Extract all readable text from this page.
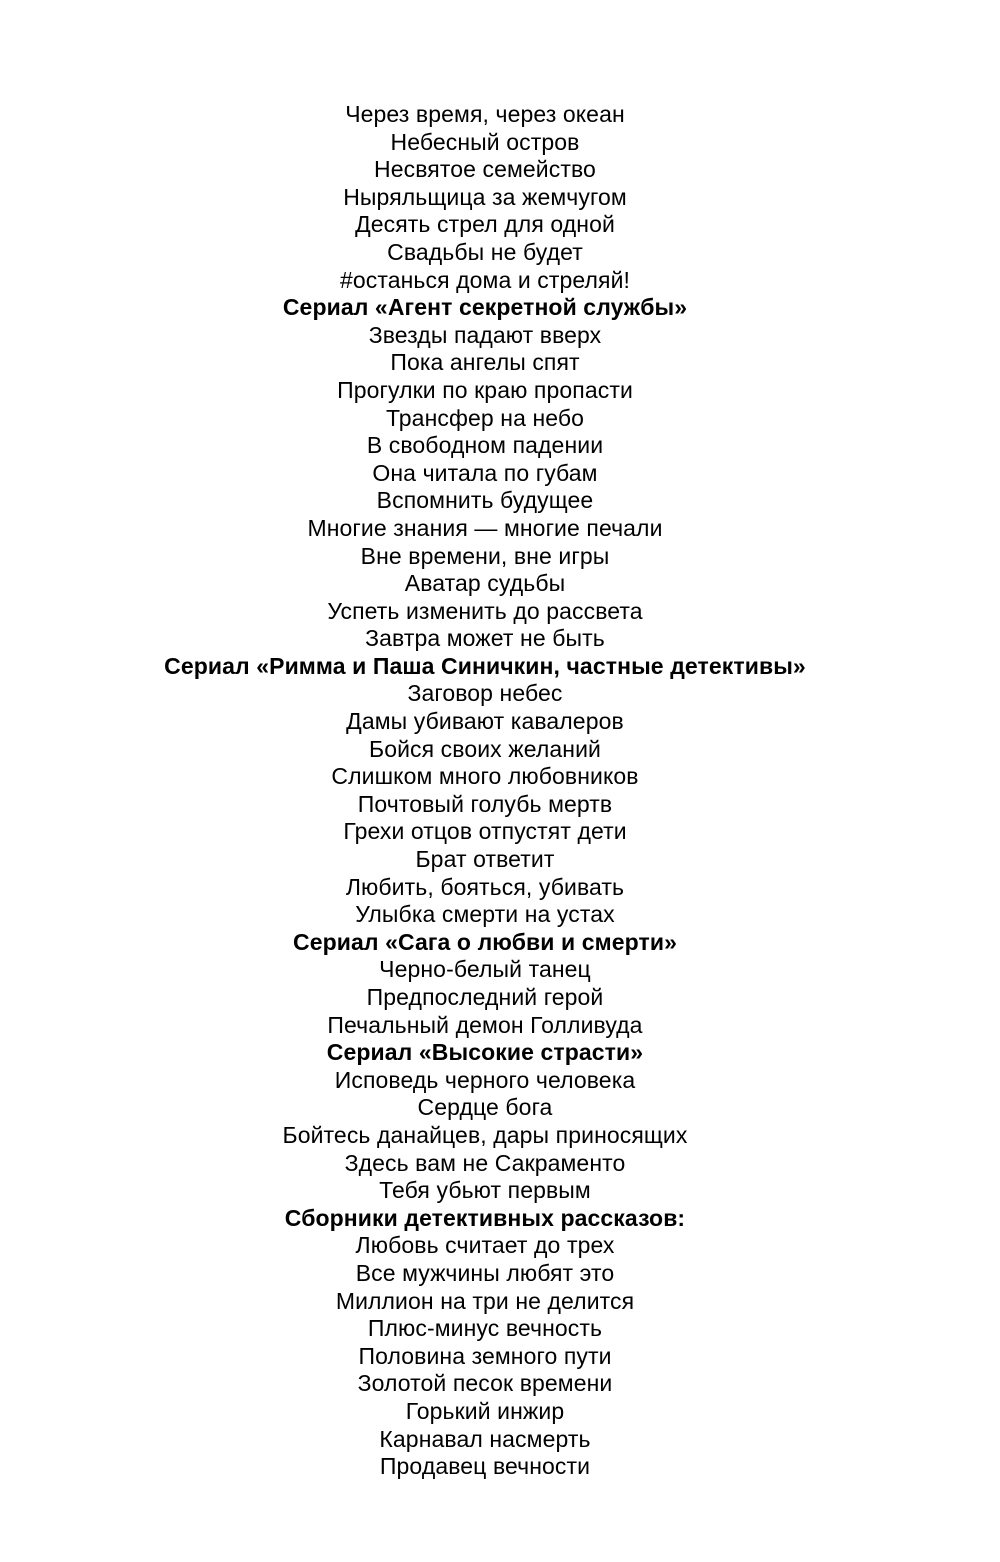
Через время, через океан
Небесный остров
Несвятое семейство
Ныряльщица за жемчугом
Десять стрел для одной
Свадьбы не будет
#останься дома и стреляй!
Сериал «Агент секретной службы»
Звезды падают вверх
Пока ангелы спят
Прогулки по краю пропасти
Трансфер на небо
В свободном падении
Она читала по губам
Вспомнить будущее
Многие знания — многие печали
Вне времени, вне игры
Аватар судьбы
Успеть изменить до рассвета
Завтра может не быть
Сериал «Римма и Паша Синичкин, частные детективы»
Заговор небес
Дамы убивают кавалеров
Бойся своих желаний
Слишком много любовников
Почтовый голубь мертв
Грехи отцов отпустят дети
Брат ответит
Любить, бояться, убивать
Улыбка смерти на устах
Сериал «Сага о любви и смерти»
Черно-белый танец
Предпоследний герой
Печальный демон Голливуда
Сериал «Высокие страсти»
Исповедь черного человека
Сердце бога
Бойтесь данайцев, дары приносящих
Здесь вам не Сакраменто
Тебя убьют первым
Сборники детективных рассказов:
Любовь считает до трех
Все мужчины любят это
Миллион на три не делится
Плюс-минус вечность
Половина земного пути
Золотой песок времени
Горький инжир
Карнавал насмерть
Продавец вечности
